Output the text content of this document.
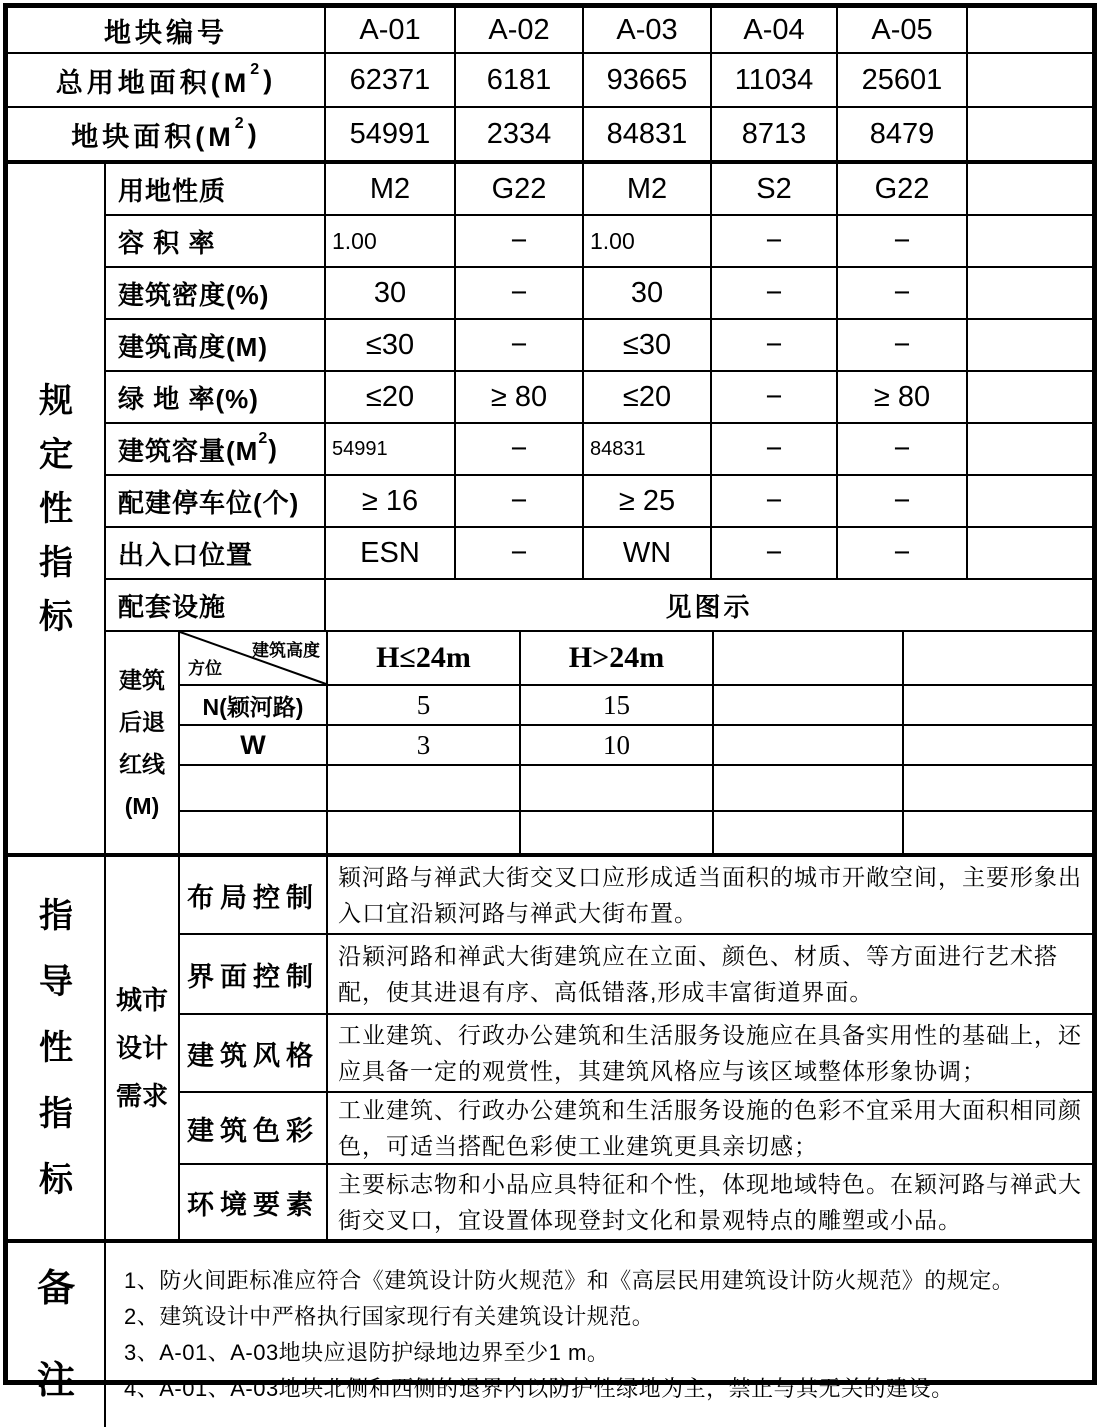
地块编号	A-01	A-02	A-03	A-04	A-05
总用地面积(M 2 )	62371	6181	93665	11034	25601
地块面积(M 2 )	54991	2334	84831	8713	8479
规
定
性
指
标
用地性质	M2	G22	M2	S2	G22
容 积 率	1.00	−	1.00	−	−
建筑密度(%)	30	−	30	−	−
建筑高度(M)	≤30	−	≤30	−	−
绿 地 率(%)	≤20	≥ 80	≤20	−	≥ 80
建筑容量(M 2 )	54991	−	84831	−	−
配建停车位(个)	≥ 16	−	≥ 25	−	−
出入口位置	ESN	−	WN	−	−
配套设施	见图示
建筑
后退
红线
(M)
建筑高度
方位	H≤24m	H>24m
N(颖河路)	5	15
W	3	10
指
导
性
指
标
城市
设计
需求
布局控制
颖河路与禅武大街交叉口应形成适当面积的城市开敞空间，主要形象出入口宜沿颖河路与禅武大街布置。
界面控制
沿颖河路和禅武大街建筑应在立面、颜色、材质、等方面进行艺术搭配，使其进退有序、高低错落,形成丰富街道界面。
建筑风格
工业建筑、行政办公建筑和生活服务设施应在具备实用性的基础上，还应具备一定的观赏性，其建筑风格应与该区域整体形象协调；
建筑色彩
工业建筑、行政办公建筑和生活服务设施的色彩不宜采用大面积相同颜色，可适当搭配色彩使工业建筑更具亲切感；
环境要素
主要标志物和小品应具特征和个性，体现地域特色。在颖河路与禅武大街交叉口，宜设置体现登封文化和景观特点的雕塑或小品。
备
注
1、防火间距标准应符合《建筑设计防火规范》和《高层民用建筑设计防火规范》的规定。
2、建筑设计中严格执行国家现行有关建筑设计规范。
3、A-01、A-03地块应退防护绿地边界至少1 m。
4、A-01、A-03地块北侧和西侧的退界内以防护性绿地为主，禁止与其无关的建设。
